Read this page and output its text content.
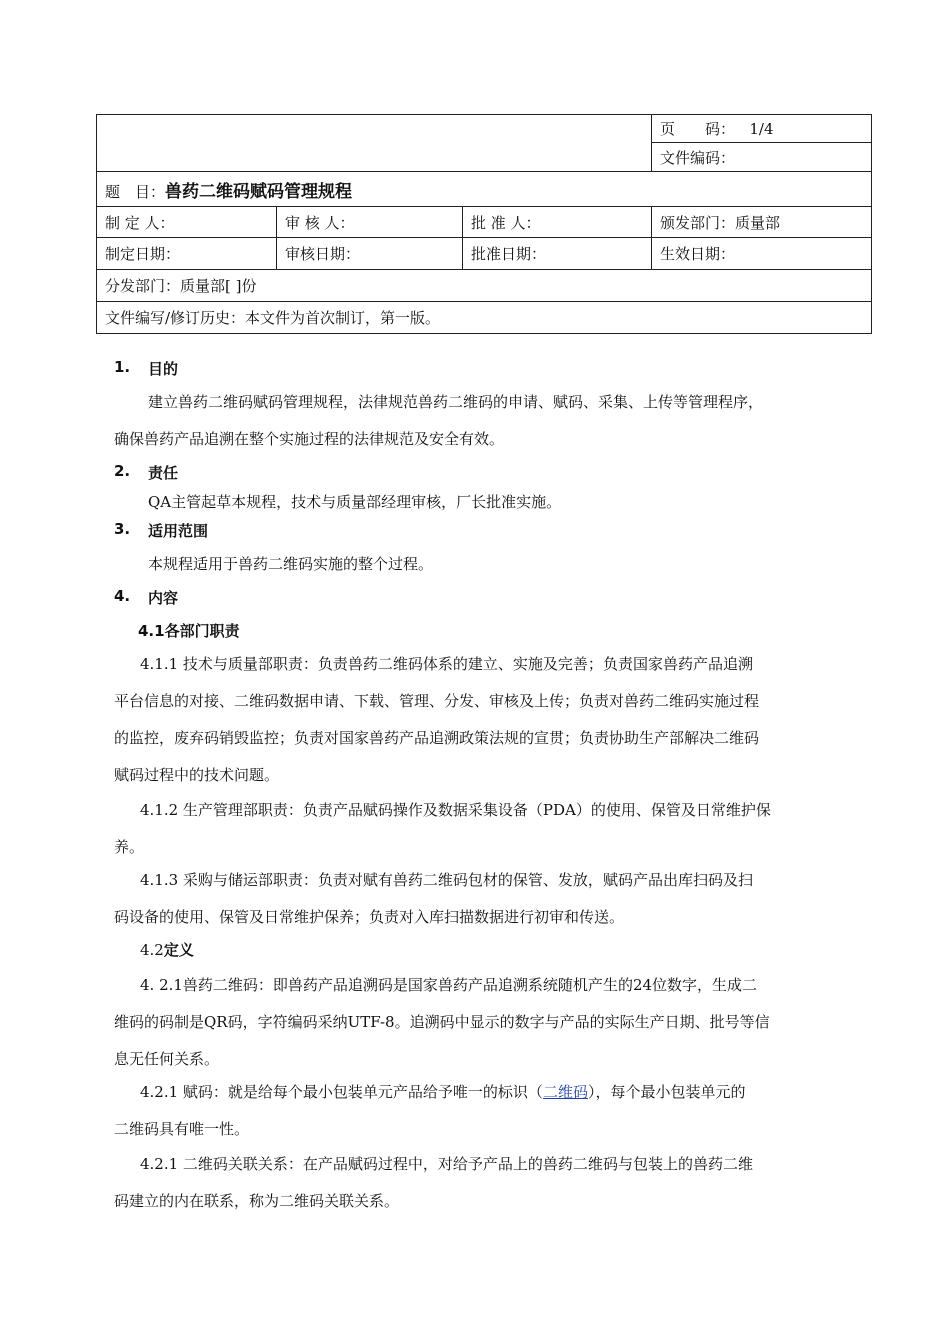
			页　　码： 1/4
			文件编码：
题　目：兽药二维码赋码管理规程			
制 定 人：	审 核 人：	批 准 人：	颁发部门：质量部
制定日期：	审核日期：	批准日期：	生效日期：
分发部门：质量部[ ]份			
文件编写/修订历史：本文件为首次制订，第一版。			
1. 目的
建立兽药二维码赋码管理规程，法律规范兽药二维码的申请、赋码、采集、上传等管理程序，
确保兽药产品追溯在整个实施过程的法律规范及安全有效。
2. 责任
QA主管起草本规程，技术与质量部经理审核，厂长批准实施。
3. 适用范围
本规程适用于兽药二维码实施的整个过程。
4. 内容
4.1各部门职责
4.1.1 技术与质量部职责：负责兽药二维码体系的建立、实施及完善；负责国家兽药产品追溯
平台信息的对接、二维码数据申请、下载、管理、分发、审核及上传；负责对兽药二维码实施过程
的监控，废弃码销毁监控；负责对国家兽药产品追溯政策法规的宣贯；负责协助生产部解决二维码
赋码过程中的技术问题。
4.1.2 生产管理部职责：负责产品赋码操作及数据采集设备（PDA）的使用、保管及日常维护保
养。
4.1.3 采购与储运部职责：负责对赋有兽药二维码包材的保管、发放，赋码产品出库扫码及扫
码设备的使用、保管及日常维护保养；负责对入库扫描数据进行初审和传送。
4.2定义
4. 2.1兽药二维码：即兽药产品追溯码是国家兽药产品追溯系统随机产生的24位数字，生成二
维码的码制是QR码，字符编码采纳UTF-8。追溯码中显示的数字与产品的实际生产日期、批号等信
息无任何关系。
4.2.1 赋码：就是给每个最小包装单元产品给予唯一的标识（二维码），每个最小包装单元的
二维码具有唯一性。
4.2.1 二维码关联关系：在产品赋码过程中，对给予产品上的兽药二维码与包装上的兽药二维
码建立的内在联系，称为二维码关联关系。
